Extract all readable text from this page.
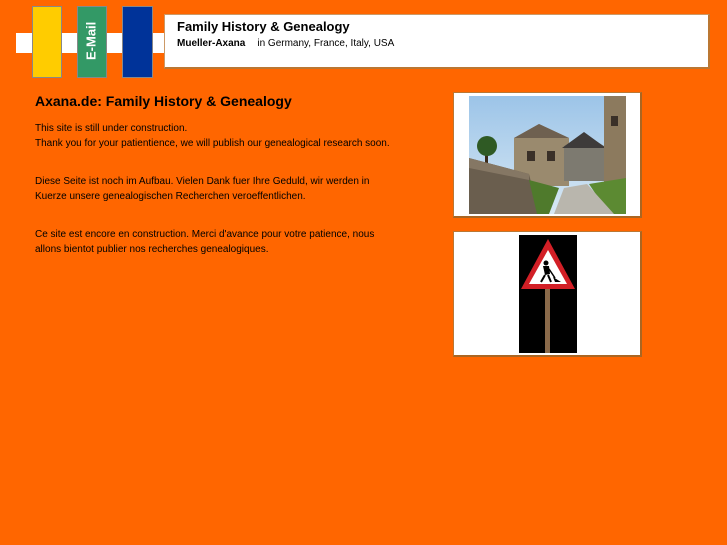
E-Mail	Family History & Genealogy
Mueller-Axana in Germany, France, Italy, USA
Axana.de: Family History & Genealogy

This site is still under construction.
Thank you for your patientience, we will publish our genealogical research soon.

Diese Seite ist noch im Aufbau. Vielen Dank fuer Ihre Geduld, wir werden in Kuerze unsere genealogischen Recherchen veroeffentlichen.

Ce site est encore en construction. Merci d'avance pour votre patience, nous allons bientot publier nos recherches genealogiques.
